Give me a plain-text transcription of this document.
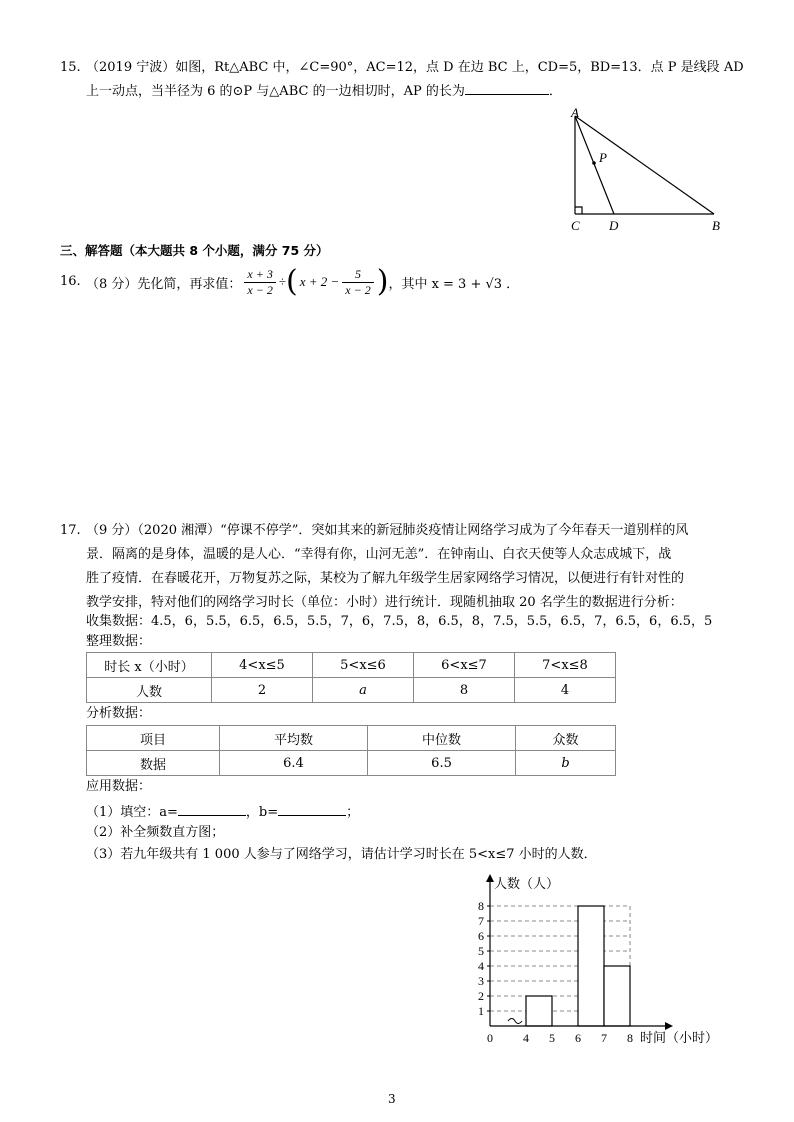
15. （2019 宁波）如图，Rt△ABC 中，∠C=90°，AC=12，点 D 在边 BC 上，CD=5，BD=13．点 P 是线段 AD
上一动点，当半径为 6 的⊙P 与△ABC 的一边相切时，AP 的长为	．
A
P
C D	B
三、解答题（本大题共 8 个小题，满分 75 分）
16. （8 分）先化简，再求值： $\frac{x + 3}{x - 2}$ ÷ ( $x + 2 - \frac{5}{x - 2}$ ) ，其中 x = 3 + √3 ．
17. （9 分）（2020 湘潭）“停课不停学”．突如其来的新冠肺炎疫情让网络学习成为了今年春天一道别样的风
景．隔离的是身体，温暖的是人心．“幸得有你，山河无恙”．在钟南山、白衣天使等人众志成城下，战
胜了疫情．在春暖花开，万物复苏之际，某校为了解九年级学生居家网络学习情况，以便进行有针对性的
教学安排，特对他们的网络学习时长（单位：小时）进行统计．现随机抽取 20 名学生的数据进行分析：
收集数据：4.5，6，5.5，6.5，6.5，5.5，7，6，7.5，8，6.5，8，7.5，5.5，6.5，7，6.5，6，6.5，5
整理数据：
时长 x（小时）	4<x≤5	5<x≤6	6<x≤7	7<x≤8
人数	2	a	8	4
分析数据：
项目	平均数	中位数	众数
数据	6.4	6.5	b
应用数据：
（1）填空：a=	，b=	；
（2）补全频数直方图；
（3）若九年级共有 1 000 人参与了网络学习，请估计学习时长在 5<x≤7 小时的人数．
1
2
3
4
5
6
7
8
0	4 5 6 7 8
人数（人）
时间（小时）
3
